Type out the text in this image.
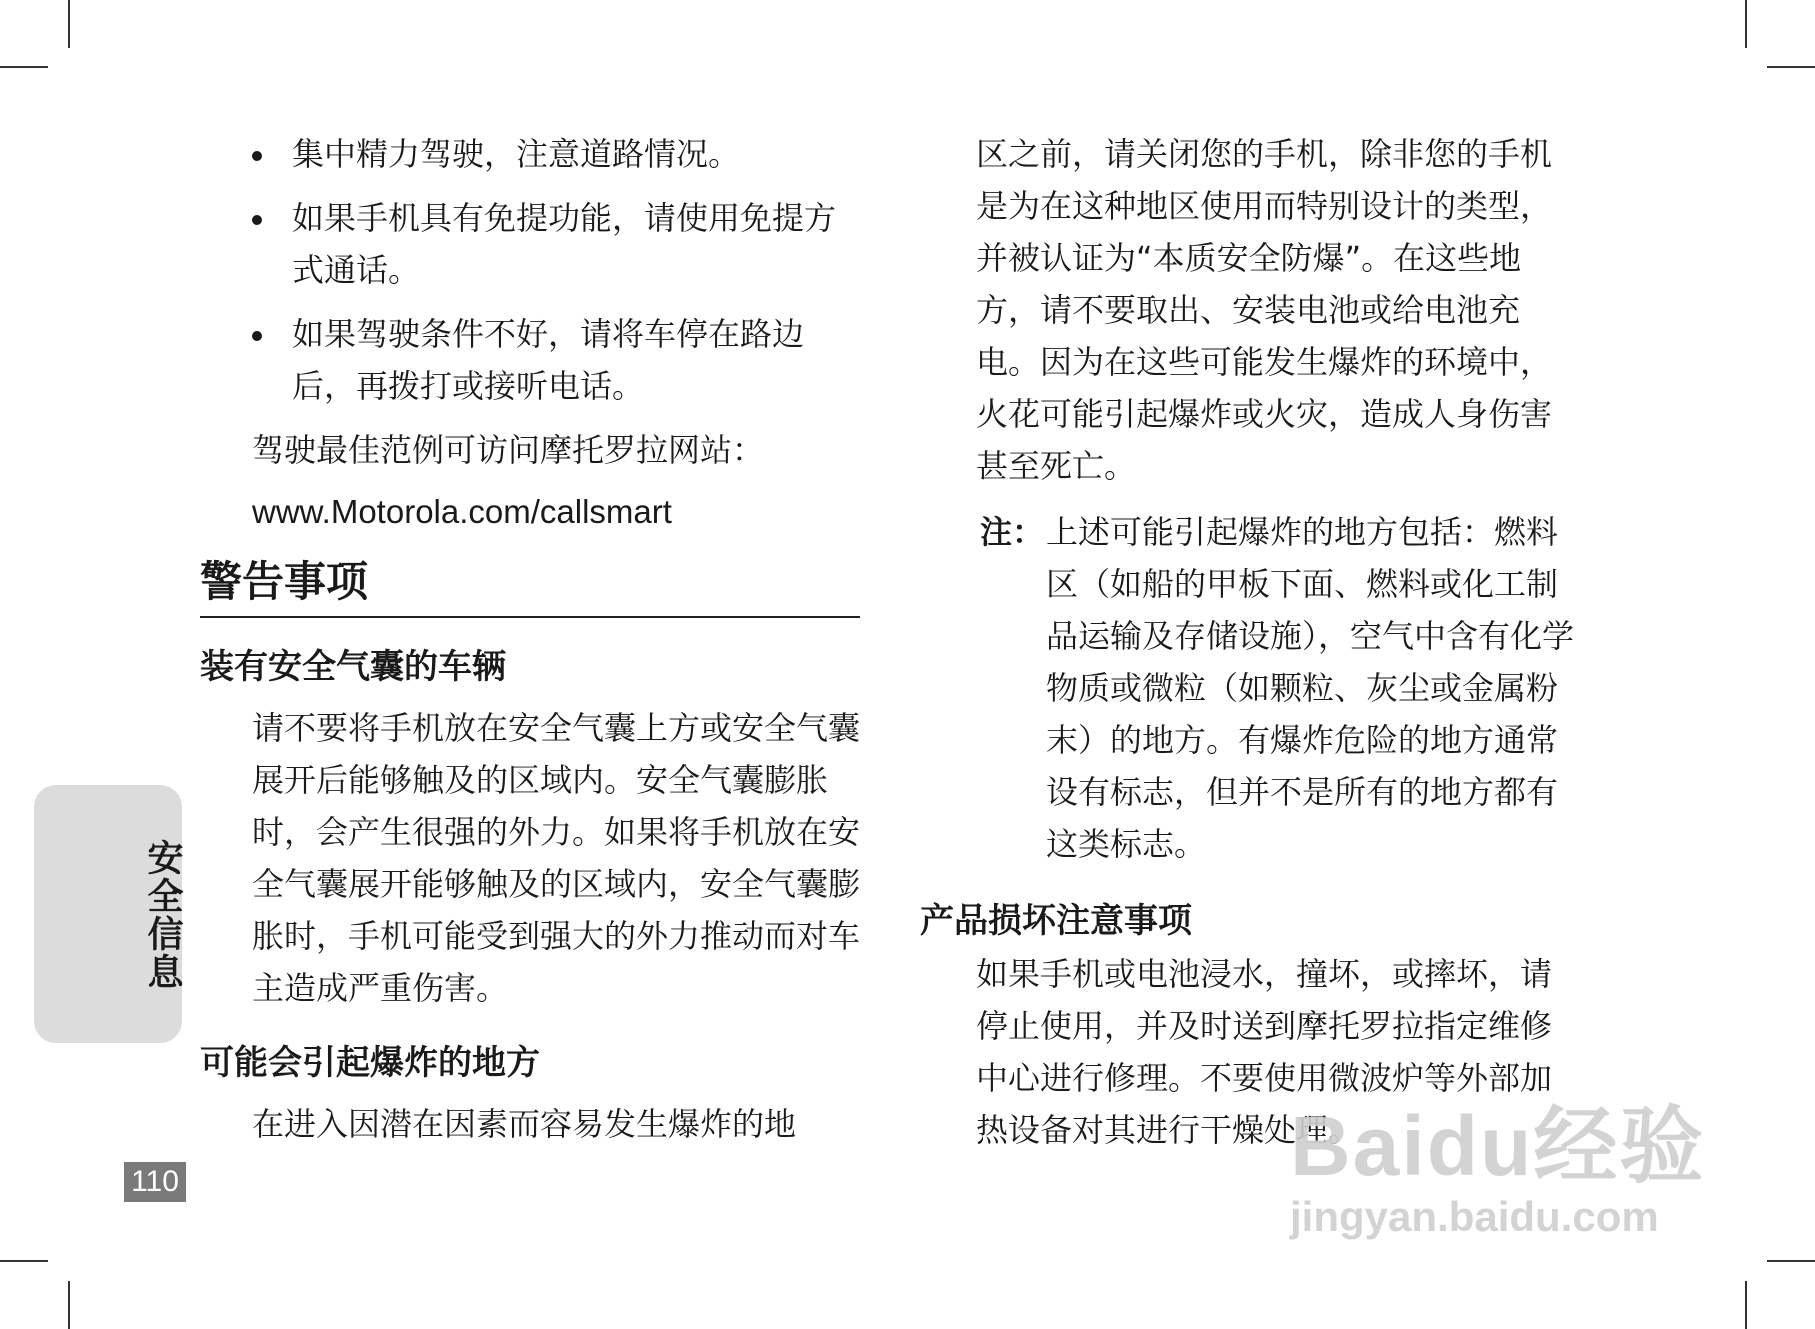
集中精力驾驶，注意道路情况。
如果手机具有免提功能，请使用免提方式通话。
如果驾驶条件不好，请将车停在路边后，再拨打或接听电话。

驾驶最佳范例可访问摩托罗拉网站：

www.Motorola.com/callsmart
警告事项
装有安全气囊的车辆

请不要将手机放在安全气囊上方或安全气囊展开后能够触及的区域内。安全气囊膨胀时，会产生很强的外力。如果将手机放在安全气囊展开能够触及的区域内，安全气囊膨胀时，手机可能受到强大的外力推动而对车主造成严重伤害。

可能会引起爆炸的地方

在进入因潜在因素而容易发生爆炸的地

区之前，请关闭您的手机，除非您的手机是为在这种地区使用而特别设计的类型，并被认证为“本质安全防爆”。在这些地方，请不要取出、安装电池或给电池充电。因为在这些可能发生爆炸的环境中，火花可能引起爆炸或火灾，造成人身伤害甚至死亡。

注： 上述可能引起爆炸的地方包括：燃料区（如船的甲板下面、燃料或化工制品运输及存储设施），空气中含有化学物质或微粒（如颗粒、灰尘或金属粉末）的地方。有爆炸危险的地方通常设有标志，但并不是所有的地方都有这类标志。
产品损坏注意事项

如果手机或电池浸水，撞坏，或摔坏，请停止使用，并及时送到摩托罗拉指定维修中心进行修理。不要使用微波炉等外部加热设备对其进行干燥处理。

安全信息
110	Baidu经验
jingyan.baidu.com
